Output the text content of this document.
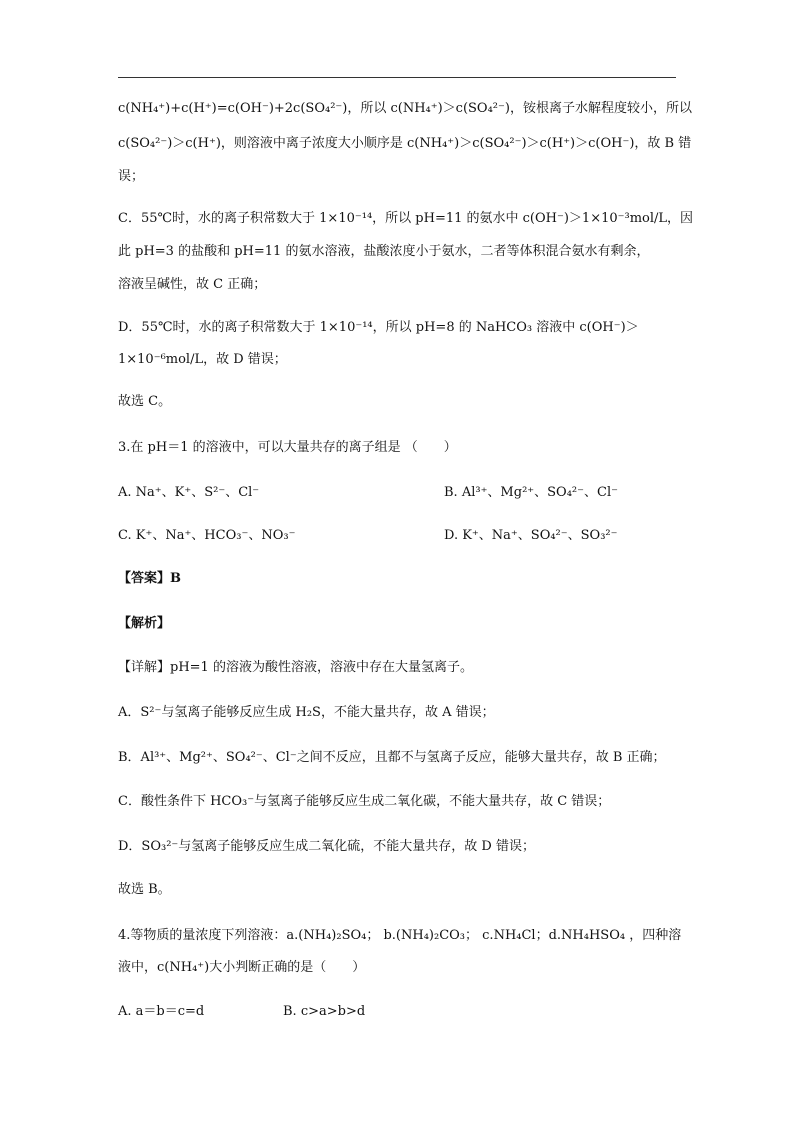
c(NH₄⁺)+c(H⁺)=c(OH⁻)+2c(SO₄²⁻)，所以 c(NH₄⁺)＞c(SO₄²⁻)，铵根离子水解程度较小，所以
c(SO₄²⁻)＞c(H⁺)，则溶液中离子浓度大小顺序是 c(NH₄⁺)＞c(SO₄²⁻)＞c(H⁺)＞c(OH⁻)，故 B 错
误；
C．55℃时，水的离子积常数大于 1×10⁻¹⁴，所以 pH=11 的氨水中 c(OH⁻)＞1×10⁻³mol/L，因
此 pH=3 的盐酸和 pH=11 的氨水溶液，盐酸浓度小于氨水，二者等体积混合氨水有剩余，
溶液呈碱性，故 C 正确；
D．55℃时，水的离子积常数大于 1×10⁻¹⁴，所以 pH=8 的 NaHCO₃ 溶液中 c(OH⁻)＞
1×10⁻⁶mol/L，故 D 错误；
故选 C。
3.在 pH＝1 的溶液中，可以大量共存的离子组是 （　　）
A. Na⁺、K⁺、S²⁻、Cl⁻	B. Al³⁺、Mg²⁺、SO₄²⁻、Cl⁻
C. K⁺、Na⁺、HCO₃⁻、NO₃⁻	D. K⁺、Na⁺、SO₄²⁻、SO₃²⁻
【答案】B
【解析】
【详解】pH=1 的溶液为酸性溶液，溶液中存在大量氢离子。
A．S²⁻与氢离子能够反应生成 H₂S，不能大量共存，故 A 错误；
B．Al³⁺、Mg²⁺、SO₄²⁻、Cl⁻之间不反应，且都不与氢离子反应，能够大量共存，故 B 正确；
C．酸性条件下 HCO₃⁻与氢离子能够反应生成二氧化碳，不能大量共存，故 C 错误；
D．SO₃²⁻与氢离子能够反应生成二氧化硫，不能大量共存，故 D 错误；
故选 B。
4.等物质的量浓度下列溶液：a.(NH₄)₂SO₄； b.(NH₄)₂CO₃； c.NH₄Cl；d.NH₄HSO₄ ，四种溶
液中，c(NH₄⁺)大小判断正确的是（　　）
A. a＝b＝c=d	B. c>a>b>d
